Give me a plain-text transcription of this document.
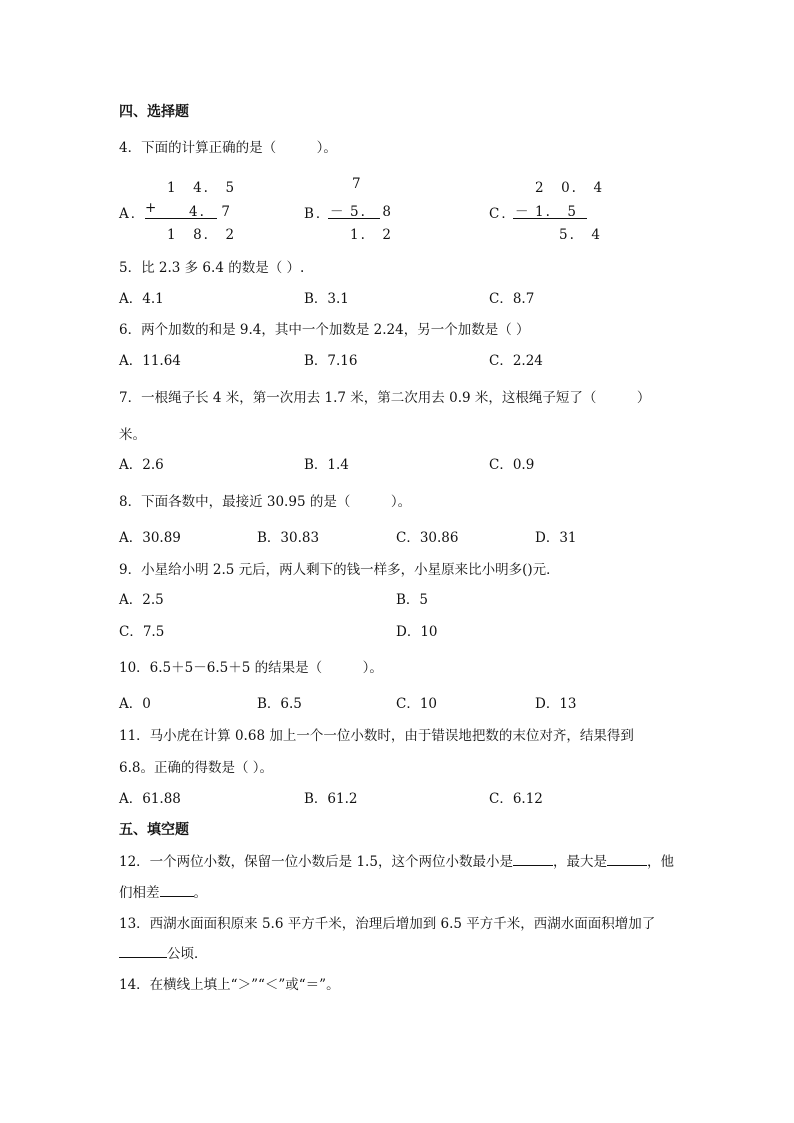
四、选择题
4．下面的计算正确的是（　　　）。
A．
1　4.　5
+ 4.　7
1　8.　2
B．
7
－ 5.　8
1.　2
C．
2　0.　4
－ 1.　5
5.　4
5．比 2.3 多 6.4 的数是（ ）.
A．4.1	B．3.1	C．8.7
6．两个加数的和是 9.4，其中一个加数是 2.24，另一个加数是（ ）
A．11.64	B．7.16	C．2.24
7．一根绳子长 4 米，第一次用去 1.7 米，第二次用去 0.9 米，这根绳子短了（　　　）
米。
A．2.6	B．1.4	C．0.9
8．下面各数中，最接近 30.95 的是（　　　）。
A．30.89	B．30.83	C．30.86	D．31
9．小星给小明 2.5 元后，两人剩下的钱一样多，小星原来比小明多()元．
A．2.5	B．5
C．7.5	D．10
10．6.5＋5－6.5＋5 的结果是（　　　）。
A．0	B．6.5	C．10	D．13
11．马小虎在计算 0.68 加上一个一位小数时，由于错误地把数的末位对齐，结果得到
6.8。正确的得数是（ ）。
A．61.88	B．61.2	C．6.12
五、填空题
12．一个两位小数，保留一位小数后是 1.5，这个两位小数最小是	，最大是	，他
们相差	。
13．西湖水面面积原来 5.6 平方千米，治理后增加到 6.5 平方千米，西湖水面面积增加了
公顷．
14．在横线上填上“＞”“＜”或“＝”。
